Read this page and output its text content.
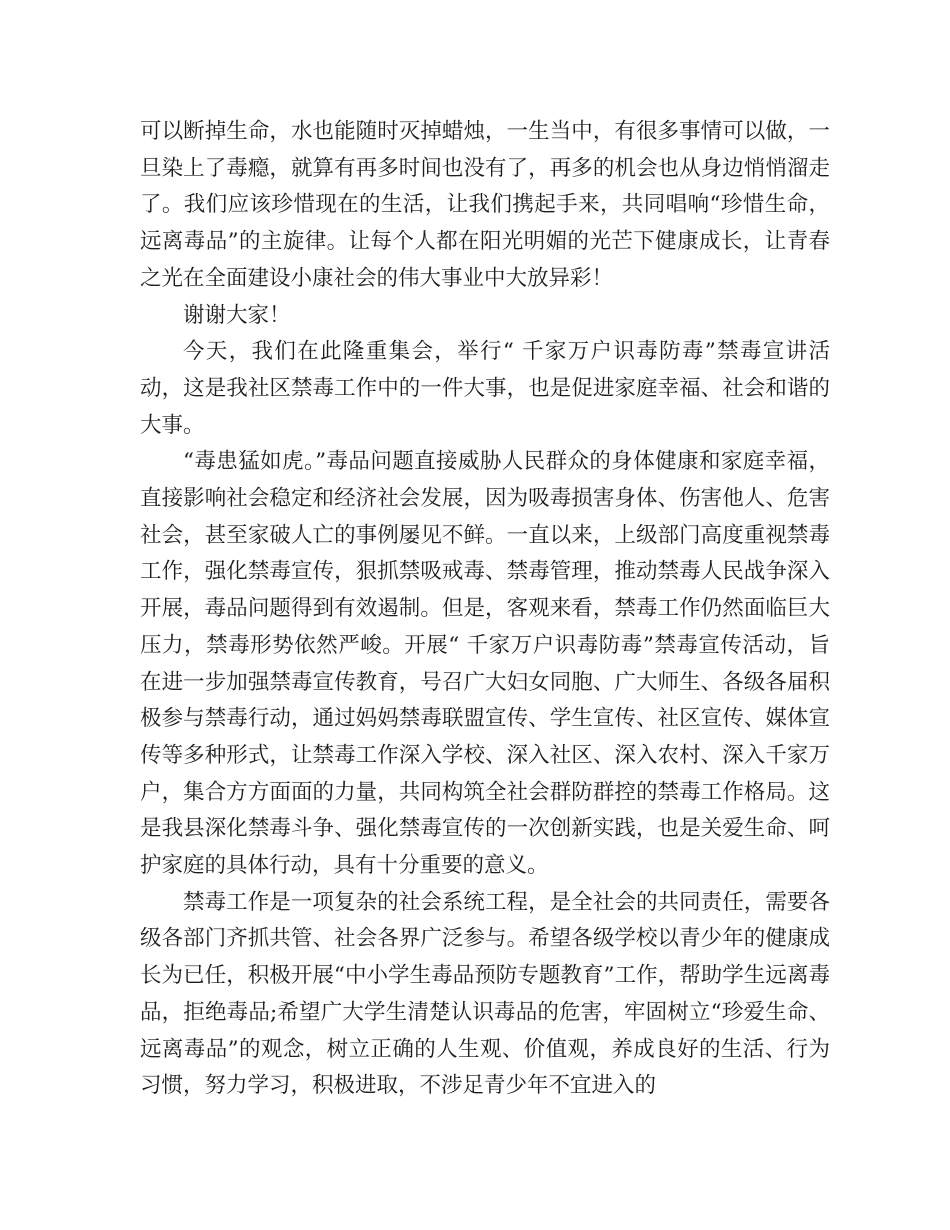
可以断掉生命，水也能随时灭掉蜡烛，一生当中，有很多事情可以做，一旦染上了毒瘾，就算有再多时间也没有了，再多的机会也从身边悄悄溜走了。我们应该珍惜现在的生活，让我们携起手来，共同唱响“珍惜生命，远离毒品”的主旋律。让每个人都在阳光明媚的光芒下健康成长，让青春之光在全面建设小康社会的伟大事业中大放异彩！

谢谢大家！

今天，我们在此隆重集会，举行“ 千家万户识毒防毒”禁毒宣讲活动，这是我社区禁毒工作中的一件大事，也是促进家庭幸福、社会和谐的大事。

“毒患猛如虎。”毒品问题直接威胁人民群众的身体健康和家庭幸福，直接影响社会稳定和经济社会发展，因为吸毒损害身体、伤害他人、危害社会，甚至家破人亡的事例屡见不鲜。一直以来，上级部门高度重视禁毒工作，强化禁毒宣传，狠抓禁吸戒毒、禁毒管理，推动禁毒人民战争深入开展，毒品问题得到有效遏制。但是，客观来看，禁毒工作仍然面临巨大压力，禁毒形势依然严峻。开展“ 千家万户识毒防毒”禁毒宣传活动，旨在进一步加强禁毒宣传教育，号召广大妇女同胞、广大师生、各级各届积极参与禁毒行动，通过妈妈禁毒联盟宣传、学生宣传、社区宣传、媒体宣传等多种形式，让禁毒工作深入学校、深入社区、深入农村、深入千家万户，集合方方面面的力量，共同构筑全社会群防群控的禁毒工作格局。这是我县深化禁毒斗争、强化禁毒宣传的一次创新实践，也是关爱生命、呵护家庭的具体行动，具有十分重要的意义。

禁毒工作是一项复杂的社会系统工程，是全社会的共同责任，需要各级各部门齐抓共管、社会各界广泛参与。希望各级学校以青少年的健康成长为已任，积极开展“中小学生毒品预防专题教育”工作，帮助学生远离毒品，拒绝毒品;希望广大学生清楚认识毒品的危害，牢固树立“珍爱生命、远离毒品”的观念，树立正确的人生观、价值观，养成良好的生活、行为习惯，努力学习，积极进取，不涉足青少年不宜进入的
